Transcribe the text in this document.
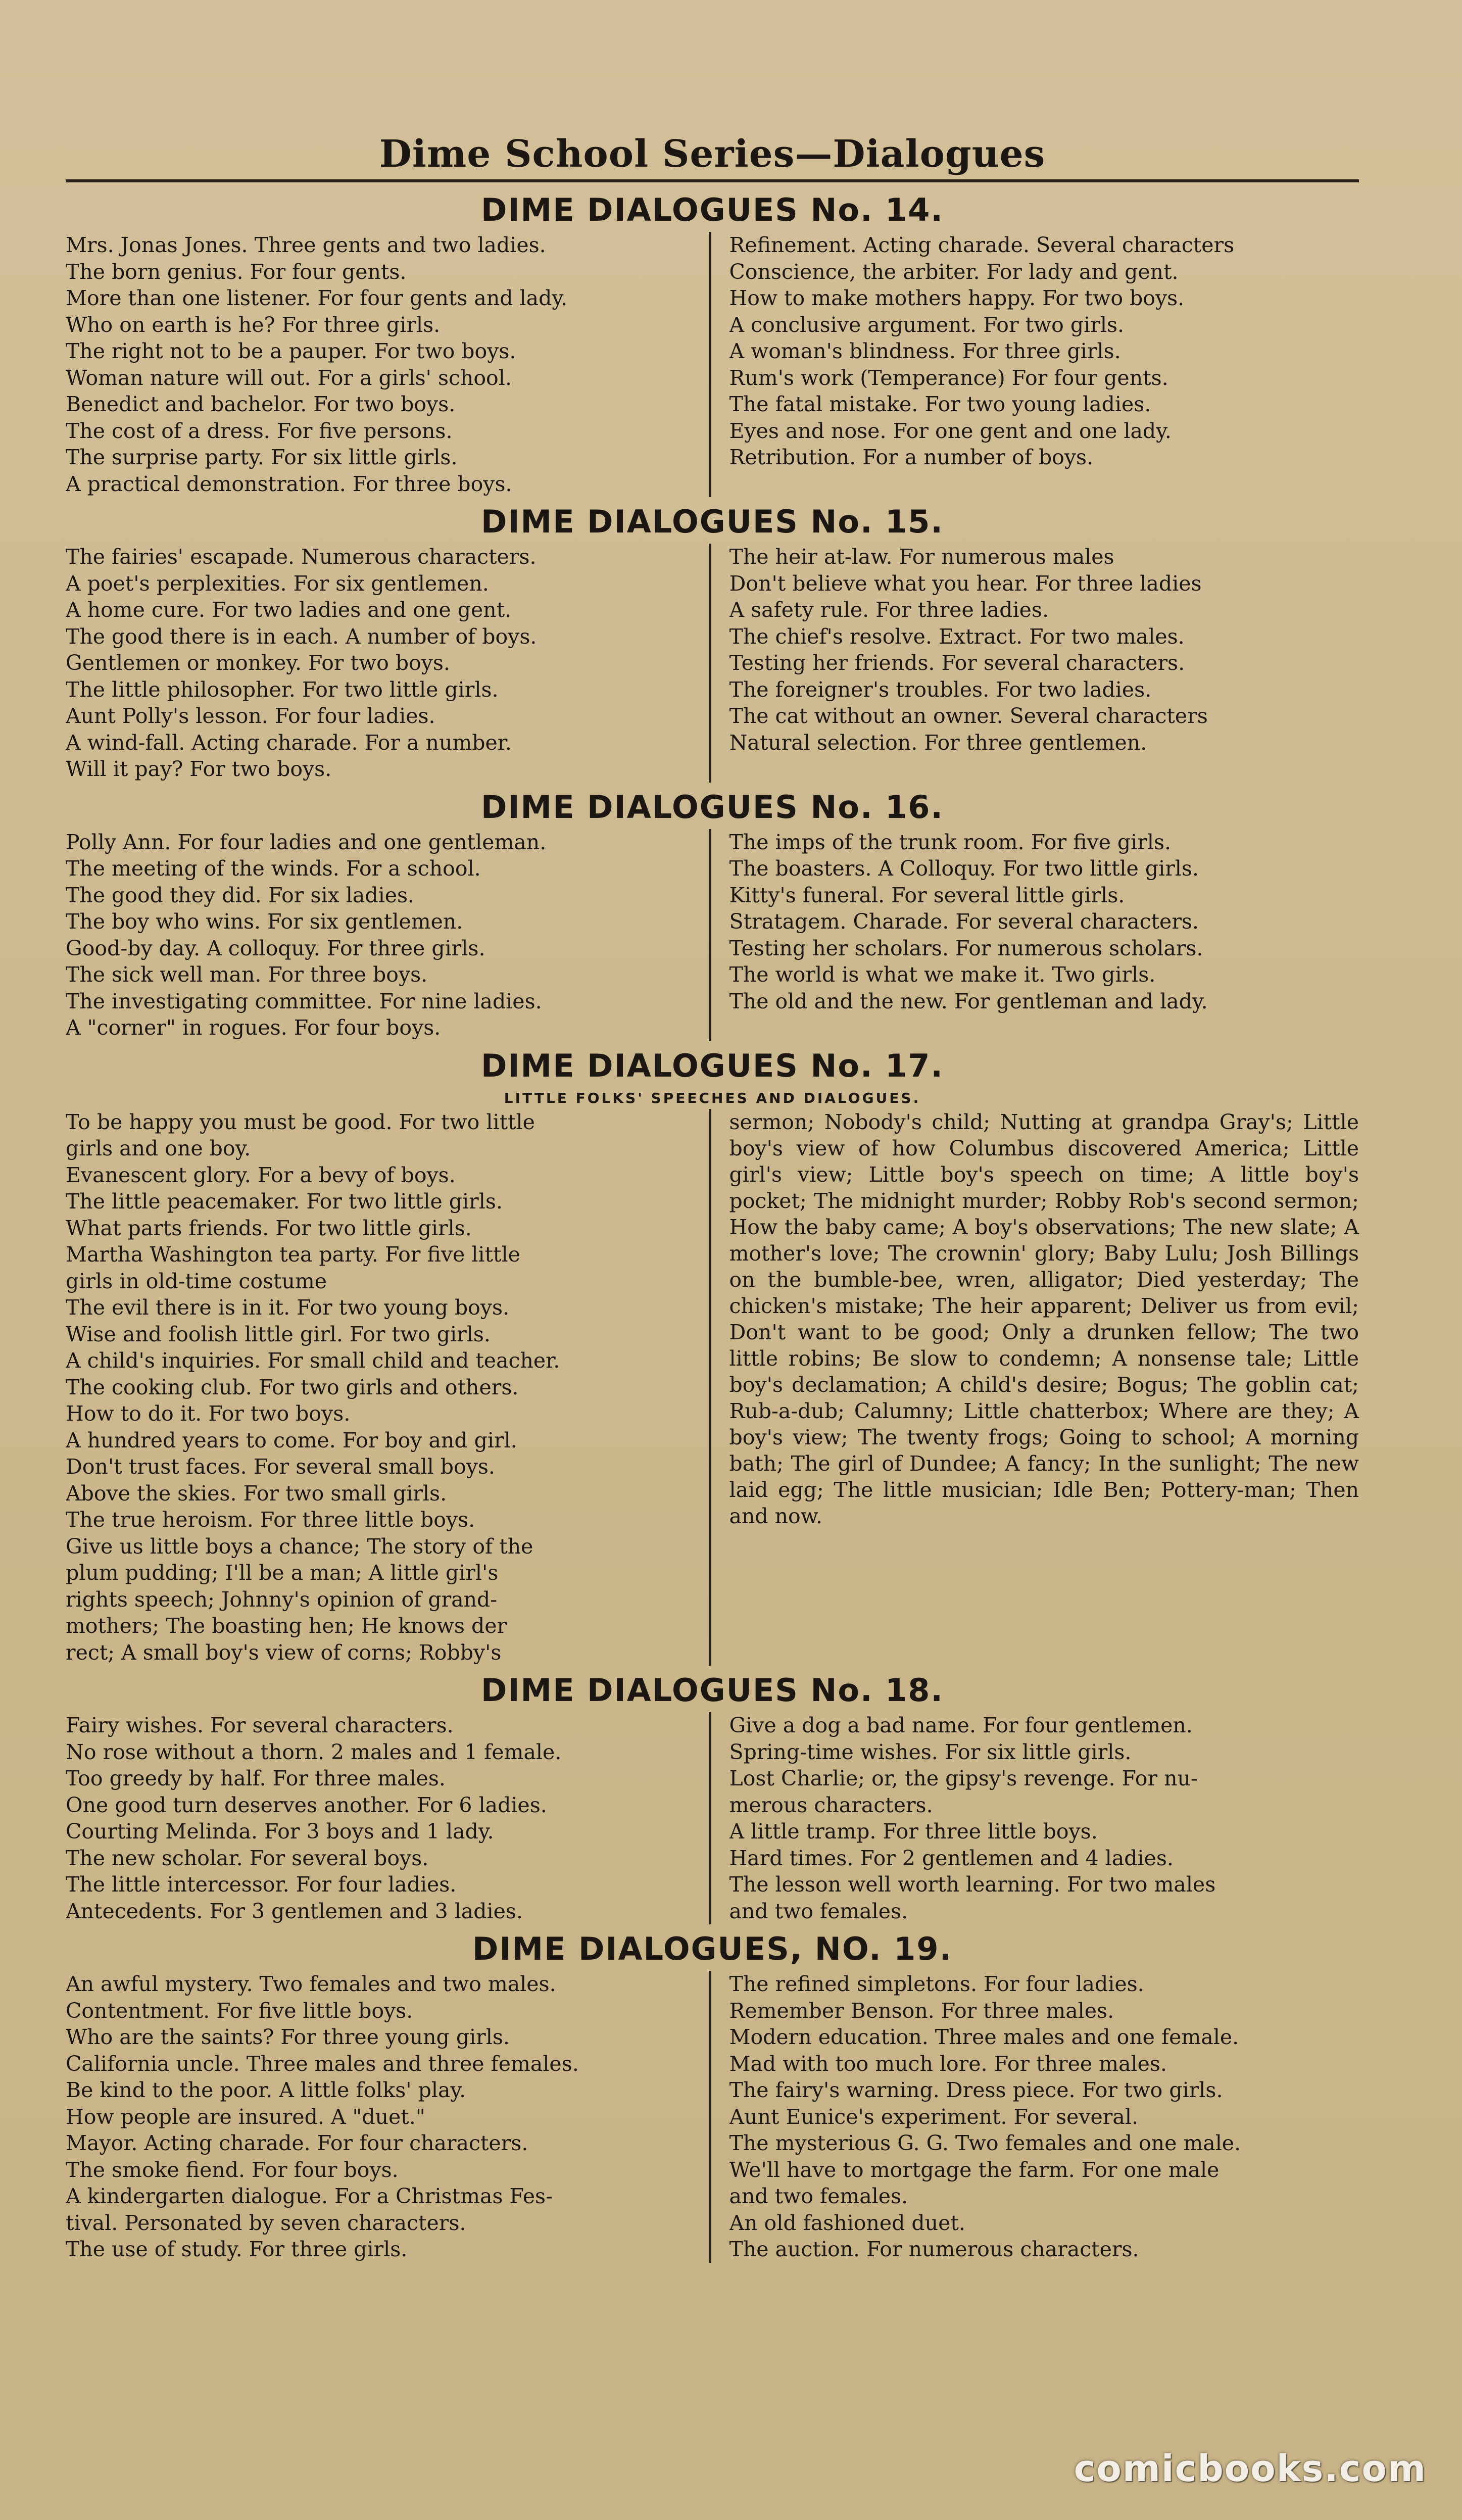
Dime School Series—Dialogues
DIME DIALOGUES No. 14.
Mrs. Jonas Jones. Three gents and two ladies.
The born genius. For four gents.
More than one listener. For four gents and lady.
Who on earth is he? For three girls.
The right not to be a pauper. For two boys.
Woman nature will out. For a girls' school.
Benedict and bachelor. For two boys.
The cost of a dress. For five persons.
The surprise party. For six little girls.
A practical demonstration. For three boys.
Refinement. Acting charade. Several characters
Conscience, the arbiter. For lady and gent.
How to make mothers happy. For two boys.
A conclusive argument. For two girls.
A woman's blindness. For three girls.
Rum's work (Temperance) For four gents.
The fatal mistake. For two young ladies.
Eyes and nose. For one gent and one lady.
Retribution. For a number of boys.
DIME DIALOGUES No. 15.
The fairies' escapade. Numerous characters.
A poet's perplexities. For six gentlemen.
A home cure. For two ladies and one gent.
The good there is in each. A number of boys.
Gentlemen or monkey. For two boys.
The little philosopher. For two little girls.
Aunt Polly's lesson. For four ladies.
A wind-fall. Acting charade. For a number.
Will it pay? For two boys.
The heir at-law. For numerous males
Don't believe what you hear. For three ladies
A safety rule. For three ladies.
The chief's resolve. Extract. For two males.
Testing her friends. For several characters.
The foreigner's troubles. For two ladies.
The cat without an owner. Several characters
Natural selection. For three gentlemen.
DIME DIALOGUES No. 16.
Polly Ann. For four ladies and one gentleman.
The meeting of the winds. For a school.
The good they did. For six ladies.
The boy who wins. For six gentlemen.
Good-by day. A colloquy. For three girls.
The sick well man. For three boys.
The investigating committee. For nine ladies.
A "corner" in rogues. For four boys.
The imps of the trunk room. For five girls.
The boasters. A Colloquy. For two little girls.
Kitty's funeral. For several little girls.
Stratagem. Charade. For several characters.
Testing her scholars. For numerous scholars.
The world is what we make it. Two girls.
The old and the new. For gentleman and lady.
DIME DIALOGUES No. 17.
LITTLE FOLKS' SPEECHES AND DIALOGUES.
To be happy you must be good. For two little
girls and one boy.
Evanescent glory. For a bevy of boys.
The little peacemaker. For two little girls.
What parts friends. For two little girls.
Martha Washington tea party. For five little
girls in old-time costume
The evil there is in it. For two young boys.
Wise and foolish little girl. For two girls.
A child's inquiries. For small child and teacher.
The cooking club. For two girls and others.
How to do it. For two boys.
A hundred years to come. For boy and girl.
Don't trust faces. For several small boys.
Above the skies. For two small girls.
The true heroism. For three little boys.
Give us little boys a chance; The story of the
plum pudding; I'll be a man; A little girl's
rights speech; Johnny's opinion of grand-
mothers; The boasting hen; He knows der
rect; A small boy's view of corns; Robby's
sermon; Nobody's child; Nutting at grandpa Gray's; Little boy's view of how Columbus discovered America; Little girl's view; Little boy's speech on time; A little boy's pocket; The midnight murder; Robby Rob's second sermon; How the baby came; A boy's observations; The new slate; A mother's love; The crownin' glory; Baby Lulu; Josh Billings on the bumble-bee, wren, alligator; Died yesterday; The chicken's mistake; The heir apparent; Deliver us from evil; Don't want to be good; Only a drunken fellow; The two little robins; Be slow to condemn; A nonsense tale; Little boy's declamation; A child's desire; Bogus; The goblin cat; Rub-a-dub; Calumny; Little chatterbox; Where are they; A boy's view; The twenty frogs; Going to school; A morning bath; The girl of Dundee; A fancy; In the sunlight; The new laid egg; The little musician; Idle Ben; Pottery-man; Then and now.
DIME DIALOGUES No. 18.
Fairy wishes. For several characters.
No rose without a thorn. 2 males and 1 female.
Too greedy by half. For three males.
One good turn deserves another. For 6 ladies.
Courting Melinda. For 3 boys and 1 lady.
The new scholar. For several boys.
The little intercessor. For four ladies.
Antecedents. For 3 gentlemen and 3 ladies.
Give a dog a bad name. For four gentlemen.
Spring-time wishes. For six little girls.
Lost Charlie; or, the gipsy's revenge. For nu-
merous characters.
A little tramp. For three little boys.
Hard times. For 2 gentlemen and 4 ladies.
The lesson well worth learning. For two males
and two females.
DIME DIALOGUES, NO. 19.
An awful mystery. Two females and two males.
Contentment. For five little boys.
Who are the saints? For three young girls.
California uncle. Three males and three females.
Be kind to the poor. A little folks' play.
How people are insured. A "duet."
Mayor. Acting charade. For four characters.
The smoke fiend. For four boys.
A kindergarten dialogue. For a Christmas Fes-
tival. Personated by seven characters.
The use of study. For three girls.
The refined simpletons. For four ladies.
Remember Benson. For three males.
Modern education. Three males and one female.
Mad with too much lore. For three males.
The fairy's warning. Dress piece. For two girls.
Aunt Eunice's experiment. For several.
The mysterious G. G. Two females and one male.
We'll have to mortgage the farm. For one male
and two females.
An old fashioned duet.
The auction. For numerous characters.
comicbooks.com
